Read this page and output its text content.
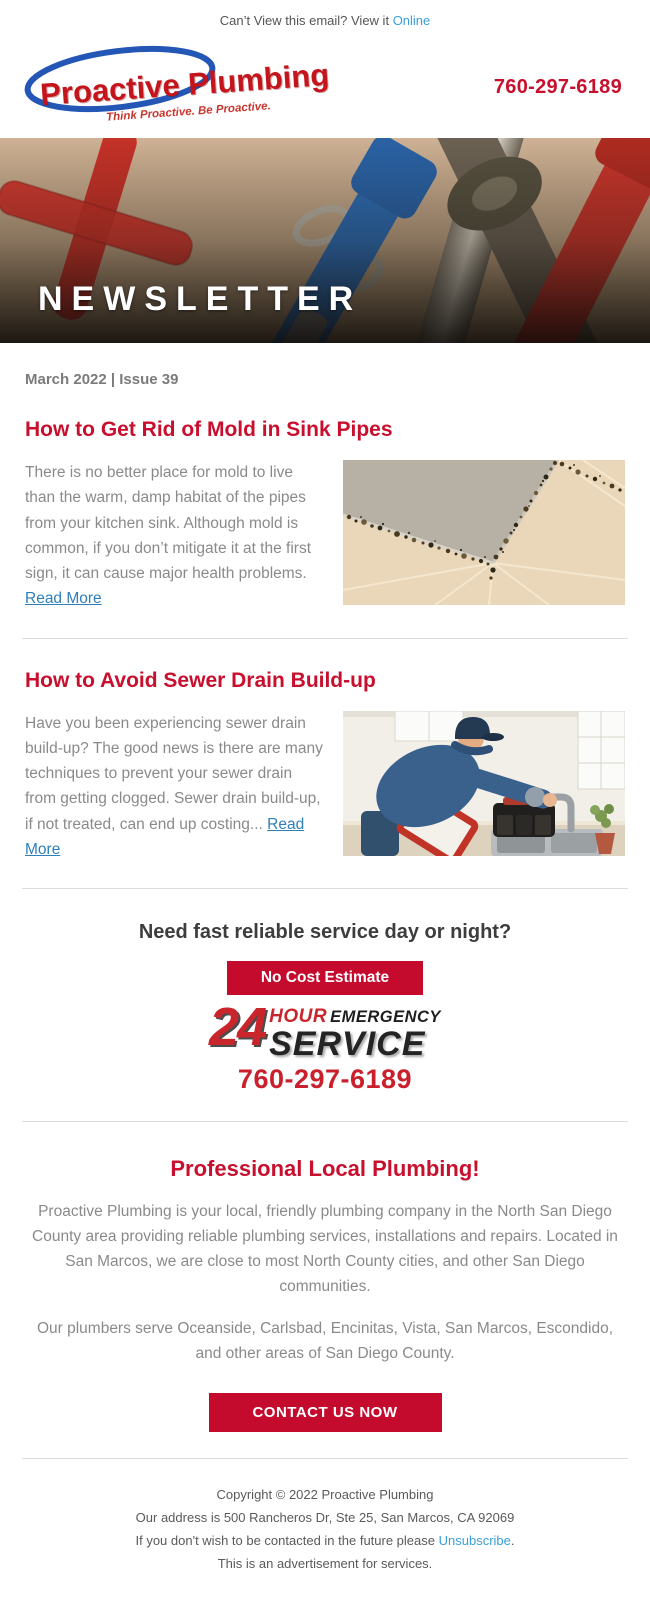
Can’t View this email? View it Online
Proactive Plumbing
Think Proactive. Be Proactive.
760-297-6189
NEWSLETTER
March 2022 | Issue 39
How to Get Rid of Mold in Sink Pipes
There is no better place for mold to live than the warm, damp habitat of the pipes from your kitchen sink. Although mold is common, if you don’t mitigate it at the first sign, it can cause major health problems. Read More
How to Avoid Sewer Drain Build-up
Have you been experiencing sewer drain build-up? The good news is there are many techniques to prevent your sewer drain from getting clogged. Sewer drain build-up, if not treated, can end up costing... Read More
Need fast reliable service day or night?
No Cost Estimate
24 HOUR EMERGENCY
SERVICE
760-297-6189
Professional Local Plumbing!

Proactive Plumbing is your local, friendly plumbing company in the North San Diego County area providing reliable plumbing services, installations and repairs. Located in San Marcos, we are close to most North County cities, and other San Diego communities.

Our plumbers serve Oceanside, Carlsbad, Encinitas, Vista, San Marcos, Escondido, and other areas of San Diego County.

CONTACT US NOW
Copyright © 2022 Proactive Plumbing
Our address is 500 Rancheros Dr, Ste 25, San Marcos, CA 92069
If you don't wish to be contacted in the future please Unsubscribe.
This is an advertisement for services.
